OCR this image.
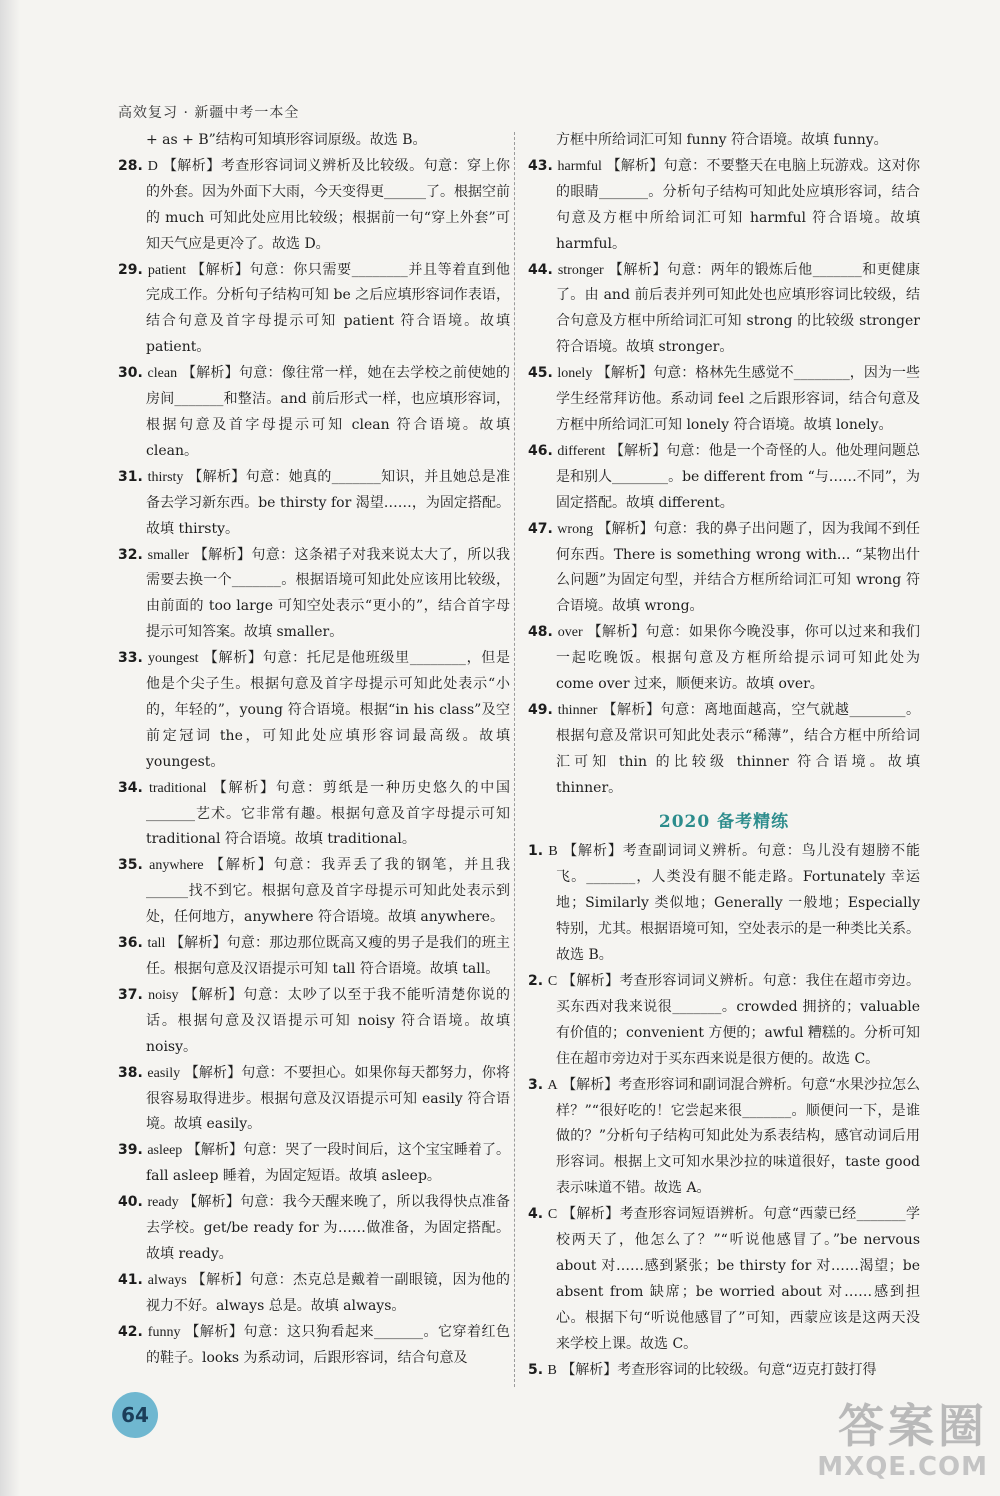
高效复习 · 新疆中考一本全
+ as + B”结构可知填形容词原级。故选 B。
28. D 【解析】考查形容词词义辨析及比较级。句意：穿上你的外套。因为外面下大雨，今天变得更______了。根据空前的 much 可知此处应用比较级；根据前一句“穿上外套”可知天气应是更冷了。故选 D。
29. patient 【解析】句意：你只需要________并且等着直到他完成工作。分析句子结构可知 be 之后应填形容词作表语，结合句意及首字母提示可知 patient 符合语境。故填 patient。
30. clean 【解析】句意：像往常一样，她在去学校之前使她的房间_______和整洁。and 前后形式一样，也应填形容词，根据句意及首字母提示可知 clean 符合语境。故填 clean。
31. thirsty 【解析】句意：她真的_______知识，并且她总是准备去学习新东西。be thirsty for 渴望……，为固定搭配。故填 thirsty。
32. smaller 【解析】句意：这条裙子对我来说太大了，所以我需要去换一个_______。根据语境可知此处应该用比较级，由前面的 too large 可知空处表示“更小的”，结合首字母提示可知答案。故填 smaller。
33. youngest 【解析】句意：托尼是他班级里________，但是他是个尖子生。根据句意及首字母提示可知此处表示“小的，年轻的”，young 符合语境。根据“in his class”及空前定冠词 the，可知此处应填形容词最高级。故填 youngest。
34. traditional 【解析】句意：剪纸是一种历史悠久的中国_______艺术。它非常有趣。根据句意及首字母提示可知 traditional 符合语境。故填 traditional。
35. anywhere 【解析】句意：我弄丢了我的钢笔，并且我______找不到它。根据句意及首字母提示可知此处表示到处，任何地方，anywhere 符合语境。故填 anywhere。
36. tall 【解析】句意：那边那位既高又瘦的男子是我们的班主任。根据句意及汉语提示可知 tall 符合语境。故填 tall。
37. noisy 【解析】句意：太吵了以至于我不能听清楚你说的话。根据句意及汉语提示可知 noisy 符合语境。故填 noisy。
38. easily 【解析】句意：不要担心。如果你每天都努力，你将很容易取得进步。根据句意及汉语提示可知 easily 符合语境。故填 easily。
39. asleep 【解析】句意：哭了一段时间后，这个宝宝睡着了。fall asleep 睡着，为固定短语。故填 asleep。
40. ready 【解析】句意：我今天醒来晚了，所以我得快点准备去学校。get/be ready for 为……做准备，为固定搭配。故填 ready。
41. always 【解析】句意：杰克总是戴着一副眼镜，因为他的视力不好。always 总是。故填 always。
42. funny 【解析】句意：这只狗看起来_______。它穿着红色的鞋子。looks 为系动词，后跟形容词，结合句意及
方框中所给词汇可知 funny 符合语境。故填 funny。
43. harmful 【解析】句意：不要整天在电脑上玩游戏。这对你的眼睛_______。分析句子结构可知此处应填形容词，结合句意及方框中所给词汇可知 harmful 符合语境。故填 harmful。
44. stronger 【解析】句意：两年的锻炼后他_______和更健康了。由 and 前后表并列可知此处也应填形容词比较级，结合句意及方框中所给词汇可知 strong 的比较级 stronger 符合语境。故填 stronger。
45. lonely 【解析】句意：格林先生感觉不________，因为一些学生经常拜访他。系动词 feel 之后跟形容词，结合句意及方框中所给词汇可知 lonely 符合语境。故填 lonely。
46. different 【解析】句意：他是一个奇怪的人。他处理问题总是和别人________。be different from “与……不同”，为固定搭配。故填 different。
47. wrong 【解析】句意：我的鼻子出问题了，因为我闻不到任何东西。There is something wrong with... “某物出什么问题”为固定句型，并结合方框所给词汇可知 wrong 符合语境。故填 wrong。
48. over 【解析】句意：如果你今晚没事，你可以过来和我们一起吃晚饭。根据句意及方框所给提示词可知此处为 come over 过来，顺便来访。故填 over。
49. thinner 【解析】句意：离地面越高，空气就越________。根据句意及常识可知此处表示“稀薄”，结合方框中所给词汇可知 thin 的比较级 thinner 符合语境。故填 thinner。
2020 备考精练
1. B 【解析】考查副词词义辨析。句意：鸟儿没有翅膀不能飞。_______，人类没有腿不能走路。Fortunately 幸运地；Similarly 类似地；Generally 一般地；Especially 特别，尤其。根据语境可知，空处表示的是一种类比关系。故选 B。
2. C 【解析】考查形容词词义辨析。句意：我住在超市旁边。买东西对我来说很_______。crowded 拥挤的；valuable 有价值的；convenient 方便的；awful 糟糕的。分析可知住在超市旁边对于买东西来说是很方便的。故选 C。
3. A 【解析】考查形容词和副词混合辨析。句意“水果沙拉怎么样？”“很好吃的！它尝起来很_______。顺便问一下，是谁做的？”分析句子结构可知此处为系表结构，感官动词后用形容词。根据上文可知水果沙拉的味道很好，taste good 表示味道不错。故选 A。
4. C 【解析】考查形容词短语辨析。句意“西蒙已经_______学校两天了，他怎么了？”“听说他感冒了。”be nervous about 对……感到紧张；be thirsty for 对……渴望；be absent from 缺席；be worried about 对……感到担心。根据下句“听说他感冒了”可知，西蒙应该是这两天没来学校上课。故选 C。
5. B 【解析】考查形容词的比较级。句意“迈克打鼓打得
64	答案圈
MXQE.COM
